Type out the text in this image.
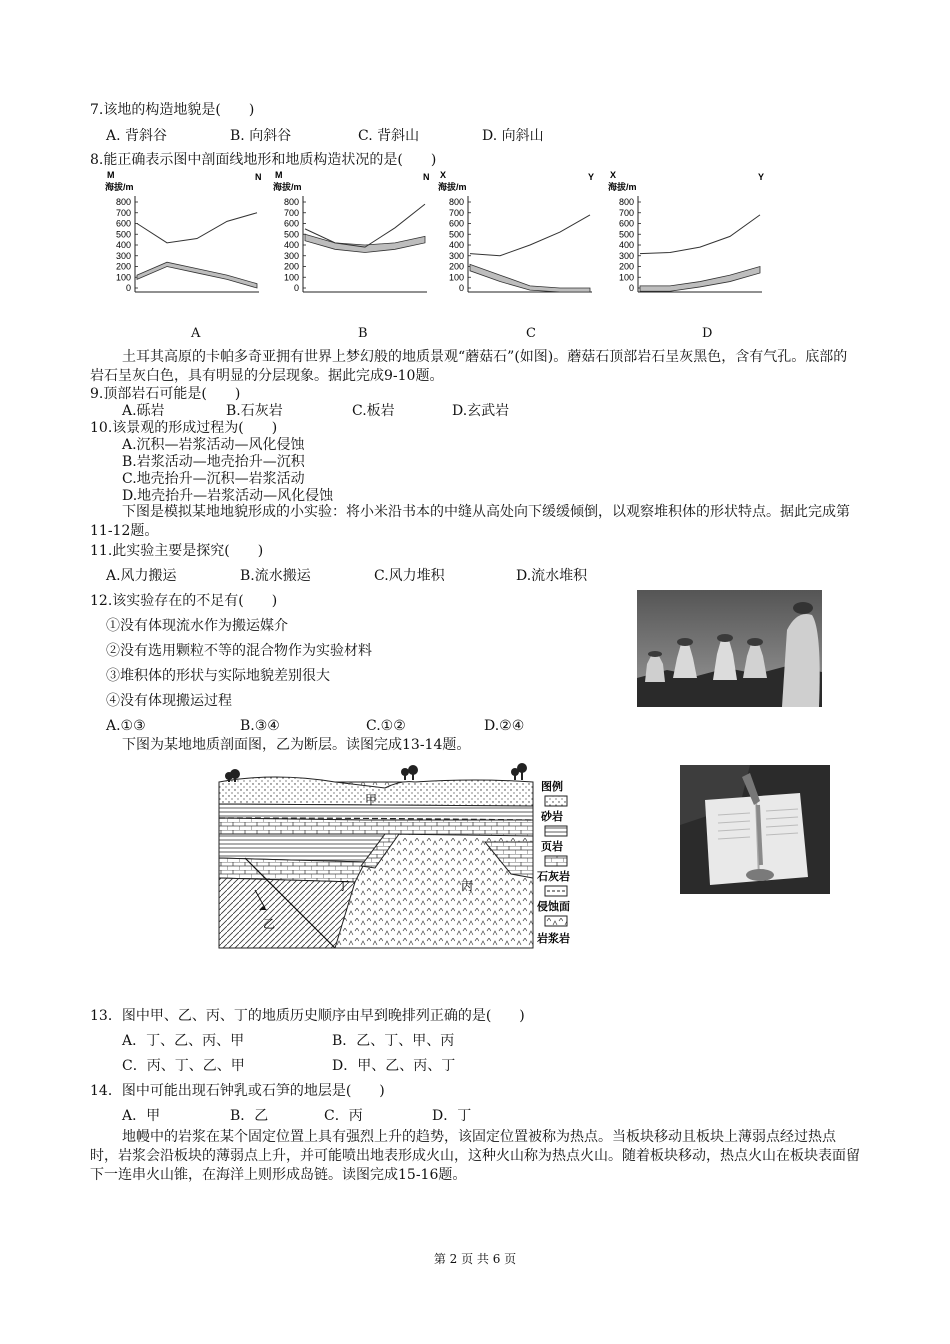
7.该地的构造地貌是(　　)
A. 背斜谷	B. 向斜谷	C. 背斜山	D. 向斜山
8.能正确表示图中剖面线地形和地质构造状况的是(　　)
0
100
200
300
400
500
600
700
800
海拔/m
M	N
0
100
200
300
400
500
600
700
800
海拔/m
M	N
0
100
200
300
400
500
600
700
800
海拔/m
X	Y
0
100
200
300
400
500
600
700
800
海拔/m
X	Y
A	B	C	D
土耳其高原的卡帕多奇亚拥有世界上梦幻般的地质景观“蘑菇石”(如图)。蘑菇石顶部岩石呈灰黑色，含有气孔。底部的岩石呈灰白色，具有明显的分层现象。据此完成9-10题。
9.顶部岩石可能是(　　)
A.砾岩	B.石灰岩	C.板岩	D.玄武岩
10.该景观的形成过程为(　　)
A.沉积—岩浆活动—风化侵蚀
B.岩浆活动—地壳抬升—沉积
C.地壳抬升—沉积—岩浆活动
D.地壳抬升—岩浆活动—风化侵蚀
下图是模拟某地地貌形成的小实验：将小米沿书本的中缝从高处向下缓缓倾倒，以观察堆积体的形状特点。据此完成第11-12题。
11.此实验主要是探究(　　)
A.风力搬运	B.流水搬运	C.风力堆积	D.流水堆积
12.该实验存在的不足有(　　)
①没有体现流水作为搬运媒介
②没有选用颗粒不等的混合物作为实验材料
③堆积体的形状与实际地貌差别很大
④没有体现搬运过程
A.①③	B.③④	C.①②	D.②④
下图为某地地质剖面图，乙为断层。读图完成13-14题。
甲
乙
丙
丁
图例
砂岩
页岩
石灰岩
侵蚀面
岩浆岩
13．图中甲、乙、丙、丁的地质历史顺序由早到晚排列正确的是(　　)
A．丁、乙、丙、甲	B．乙、丁、甲、丙
C．丙、丁、乙、甲	D．甲、乙、丙、丁
14．图中可能出现石钟乳或石笋的地层是(　　)
A．甲	B．乙	C．丙	D．丁
地幔中的岩浆在某个固定位置上具有强烈上升的趋势，该固定位置被称为热点。当板块移动且板块上薄弱点经过热点时，岩浆会沿板块的薄弱点上升，并可能喷出地表形成火山，这种火山称为热点火山。随着板块移动，热点火山在板块表面留下一连串火山锥，在海洋上则形成岛链。读图完成15-16题。
第 2 页 共 6 页
